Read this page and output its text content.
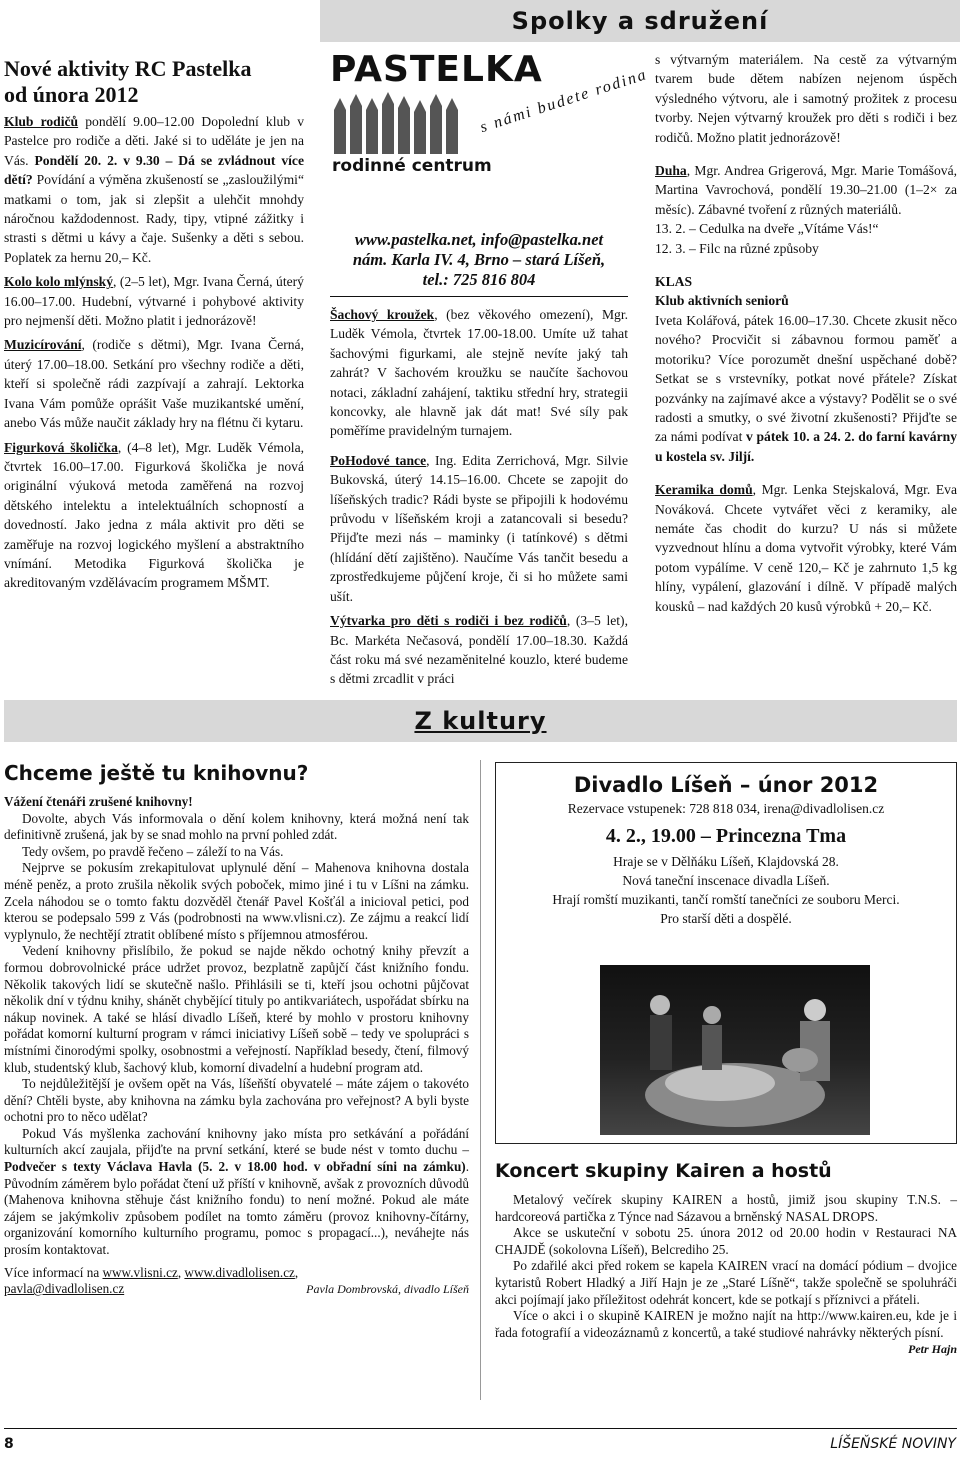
Spolky a sdružení
Nové aktivity RC Pastelka
od února 2012

Klub rodičů pondělí 9.00–12.00 Dopolední klub v Pastelce pro rodiče a děti. Jaké si to uděláte je jen na Vás. Pondělí 20. 2. v 9.30 – Dá se zvládnout více dětí? Povídání a výměna zkušeností se „zasloužilými“ matkami o tom, jak si zlepšit a ulehčit mnohdy náročnou každodennost. Rady, tipy, vtipné zážitky i strasti s dětmi u kávy a čaje. Sušenky a děti s sebou. Poplatek za hernu 20,– Kč.

Kolo kolo mlýnský, (2–5 let), Mgr. Ivana Černá, úterý 16.00–17.00. Hudební, výtvarné i pohybové aktivity pro nejmenší děti. Možno platit i jednorázově!

Muzicírování, (rodiče s dětmi), Mgr. Ivana Černá, úterý 17.00–18.00. Setkání pro všechny rodiče a děti, kteří si společně rádi zazpívají a zahrají. Lektorka Ivana Vám pomůže oprášit Vaše muzikantské umění, anebo Vás může naučit základy hry na flétnu či kytaru.

Figurková školička, (4–8 let), Mgr. Luděk Vémola, čtvrtek 16.00–17.00. Figurková školička je nová originální výuková metoda zaměřená na rozvoj dětského intelektu a intelektuálních schopností a dovedností. Jako jedna z mála aktivit pro děti se zaměřuje na rozvoj logického myšlení a abstraktního vnímání. Metodika Figurková školička je akreditovaným vzdělávacím programem MŠMT.

PASTELKA
rodinné centrum
s námi budete rodina
www.pastelka.net, info@pastelka.net
nám. Karla IV. 4, Brno – stará Líšeň,
tel.: 725 816 804

Šachový kroužek, (bez věkového omezení), Mgr. Luděk Vémola, čtvrtek 17.00-18.00. Umíte už tahat šachovými figurkami, ale stejně nevíte jaký tah zahrát? V šachovém kroužku se naučíte šachovou notaci, základní zahájení, taktiku střední hry, strategii koncovky, ale hlavně jak dát mat! Své síly pak poměříme pravidelným turnajem.

PoHodové tance, Ing. Edita Zerrichová, Mgr. Silvie Bukovská, úterý 14.15–16.00. Chcete se zapojit do líšeňských tradic? Rádi byste se připojili k hodovému průvodu v líšeňském kroji a zatancovali si besedu? Přijďte mezi nás – maminky (i tatínkové) s dětmi (hlídání dětí zajištěno). Naučíme Vás tančit besedu a zprostředkujeme půjčení kroje, či si ho můžete sami ušít.

Výtvarka pro děti s rodiči i bez rodičů, (3–5 let), Bc. Markéta Nečasová, pondělí 17.00–18.30. Každá část roku má své nezaměnitelné kouzlo, které budeme s dětmi zrcadlit v práci

s výtvarným materiálem. Na cestě za výtvarným tvarem bude dětem nabízen nejenom úspěch výsledného výtvoru, ale i samotný prožitek z procesu tvorby. Nejen výtvarný kroužek pro děti s rodiči i bez rodičů. Možno platit jednorázově!

Duha, Mgr. Andrea Grigerová, Mgr. Marie Tomášová, Martina Vavrochová, pondělí 19.30–21.00 (1–2× za měsíc). Zábavné tvoření z různých materiálů.

13. 2. – Cedulka na dveře „Vítáme Vás!“
12. 3. – Filc na různé způsoby
KLAS
Klub aktivních seniorů

Iveta Kolářová, pátek 16.00–17.30. Chcete zkusit něco nového? Procvičit si zábavnou formou paměť a motoriku? Více porozumět dnešní uspěchané době? Setkat se s vrstevníky, potkat nové přátele? Získat pozvánky na zajímavé akce a výstavy? Podělit se o své radosti a smutky, o své životní zkušenosti? Přijďte se za námi podívat v pátek 10. a 24. 2. do farní kavárny u kostela sv. Jiljí.

Keramika domů, Mgr. Lenka Stejskalová, Mgr. Eva Nováková. Chcete vytvářet věci z keramiky, ale nemáte čas chodit do kurzu? U nás si můžete vyzvednout hlínu a doma vytvořit výrobky, které Vám potom vypálíme. V ceně 120,– Kč je zahrnuto 1,5 kg hlíny, vypálení, glazování i dílně. V případě malých kousků – nad každých 20 kusů výrobků + 20,– Kč.

Z kultury
Chceme ještě tu knihovnu?

Vážení čtenáři zrušené knihovny!

Dovolte, abych Vás informovala o dění kolem knihovny, která možná není tak definitivně zrušená, jak by se snad mohlo na první pohled zdát.

Tedy ovšem, po pravdě řečeno – záleží to na Vás.

Nejprve se pokusím zrekapitulovat uplynulé dění – Mahenova knihovna dostala méně peněz, a proto zrušila několik svých poboček, mimo jiné i tu v Líšni na zámku. Zcela náhodou se o tomto faktu dozvěděl čtenář Pavel Košťál a inicioval petici, pod kterou se podepsalo 599 z Vás (podrobnosti na www.vlisni.cz). Ze zájmu a reakcí lidí vyplynulo, že nechtějí ztratit oblíbené místo s příjemnou atmosférou.

Vedení knihovny přislíbilo, že pokud se najde někdo ochotný knihy převzít a formou dobrovolnické práce udržet provoz, bezplatně zapůjčí část knižního fondu. Několik takových lidí se skutečně našlo. Přihlásili se ti, kteří jsou ochotni půjčovat několik dní v týdnu knihy, shánět chybějící tituly po antikvariátech, uspořádat sbírku na nákup novinek. A také se hlásí divadlo Líšeň, které by mohlo v prostoru knihovny pořádat komorní kulturní program v rámci iniciativy Líšeň sobě – tedy ve spolupráci s místními činorodými spolky, osobnostmi a veřejností. Například besedy, čtení, filmový klub, studentský klub, šachový klub, komorní divadelní a hudební program atd.

To nejdůležitější je ovšem opět na Vás, líšeňští obyvatelé – máte zájem o takovéto dění? Chtěli byste, aby knihovna na zámku byla zachována pro veřejnost? A byli byste ochotni pro to něco udělat?

Pokud Vás myšlenka zachování knihovny jako místa pro setkávání a pořádání kulturních akcí zaujala, přijďte na první setkání, které se bude nést v tomto duchu – Podvečer s texty Václava Havla (5. 2. v 18.00 hod. v obřadní síni na zámku). Původním záměrem bylo pořádat čtení už příští v knihovně, avšak z provozních důvodů (Mahenova knihovna stěhuje část knižního fondu) to není možné. Pokud ale máte zájem se jakýmkoliv způsobem podílet na tomto záměru (provoz knihovny-čítárny, organizování komorního kulturního programu, pomoc s propagací...), neváhejte nás prosím kontaktovat.

Více informací na www.vlisni.cz, www.divadlolisen.cz,

pavla@divadlolisen.cz	Pavla Dombrovská, divadlo Líšeň
Divadlo Líšeň – únor 2012
Rezervace vstupenek: 728 818 034, irena@divadlolisen.cz
4. 2., 19.00 – Princezna Tma
Hraje se v Dělňáku Líšeň, Klajdovská 28.
Nová taneční inscenace divadla Líšeň.
Hrají romští muzikanti, tančí romští tanečníci ze souboru Merci.
Pro starší děti a dospělé.
Koncert skupiny Kairen a hostů

Metalový večírek skupiny KAIREN a hostů, jimiž jsou skupiny T.N.S. – hardcoreová partička z Týnce nad Sázavou a brněnský NASAL DROPS.

Akce se uskuteční v sobotu 25. února 2012 od 20.00 hodin v Restauraci NA CHAJDĚ (sokolovna Líšeň), Belcrediho 25.

Po zdařilé akci před rokem se kapela KAIREN vrací na domácí pódium – dvojice kytaristů Robert Hladký a Jiří Hajn je ze „Staré Líšně“, takže společně se spoluhráči akci pojímají jako příležitost odehrát koncert, kde se potkají s příznivci a přáteli.

Více o akci i o skupině KAIREN je možno najít na http://www.kairen.eu, kde je i řada fotografií a videozáznamů z koncertů, a také studiové nahrávky některých písní.
Petr Hajn

8	LÍŠEŇSKÉ NOVINY
